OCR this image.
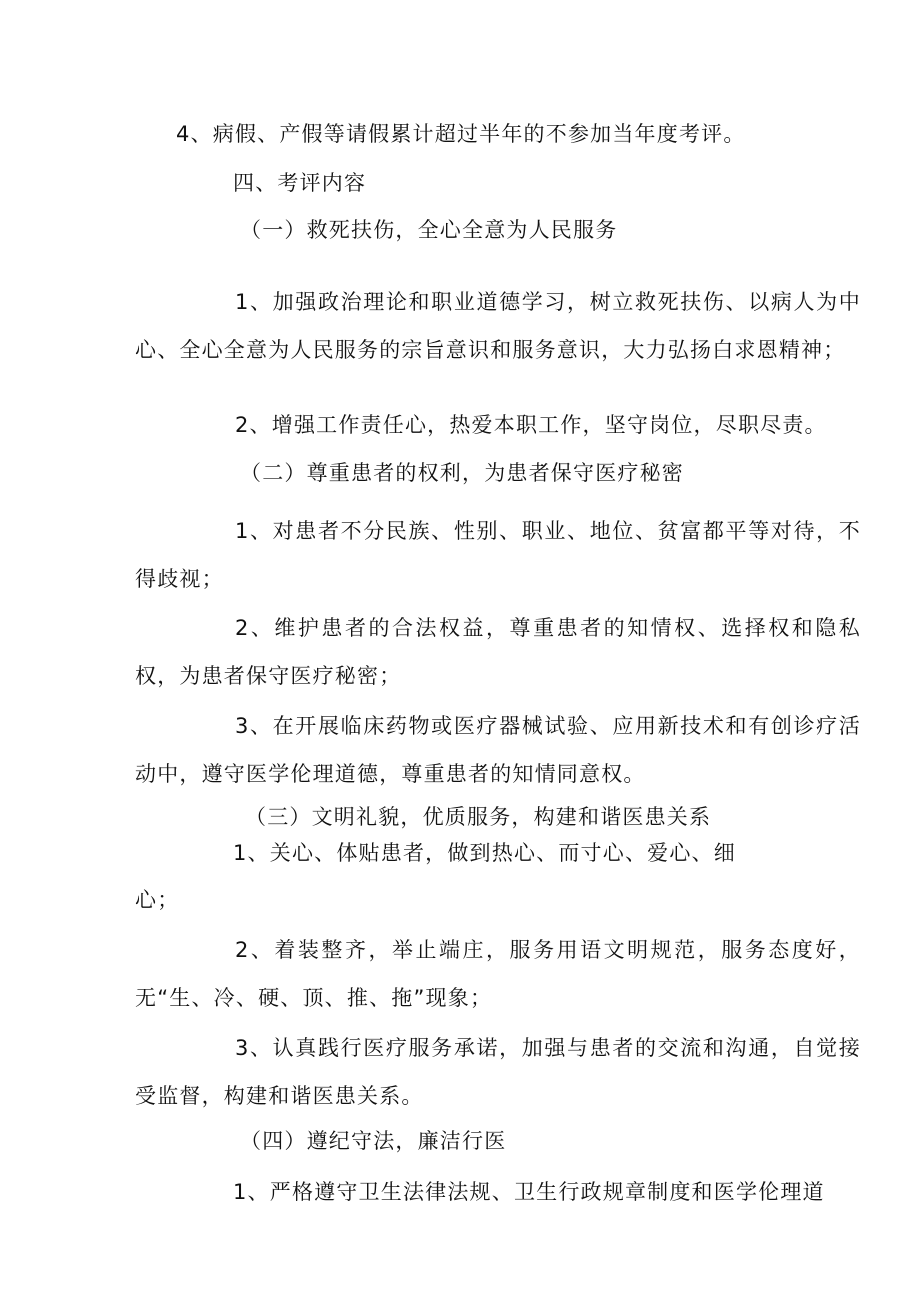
4、病假、产假等请假累计超过半年的不参加当年度考评。
四、考评内容
（一）救死扶伤，全心全意为人民服务
1、加强政治理论和职业道德学习，树立救死扶伤、以病人为中心、全心全意为人民服务的宗旨意识和服务意识，大力弘扬白求恩精神；
2、增强工作责任心，热爱本职工作，坚守岗位，尽职尽责。
（二）尊重患者的权利，为患者保守医疗秘密
1、对患者不分民族、性别、职业、地位、贫富都平等对待，不得歧视；
2、维护患者的合法权益，尊重患者的知情权、选择权和隐私权，为患者保守医疗秘密；
3、在开展临床药物或医疗器械试验、应用新技术和有创诊疗活动中，遵守医学伦理道德，尊重患者的知情同意权。
（三）文明礼貌，优质服务，构建和谐医患关系
1、关心、体贴患者，做到热心、而寸心、爱心、细
心；
2、着装整齐，举止端庄，服务用语文明规范，服务态度好，无“生、冷、硬、顶、推、拖”现象；
3、认真践行医疗服务承诺，加强与患者的交流和沟通，自觉接受监督，构建和谐医患关系。
（四）遵纪守法，廉洁行医
1、严格遵守卫生法律法规、卫生行政规章制度和医学伦理道
